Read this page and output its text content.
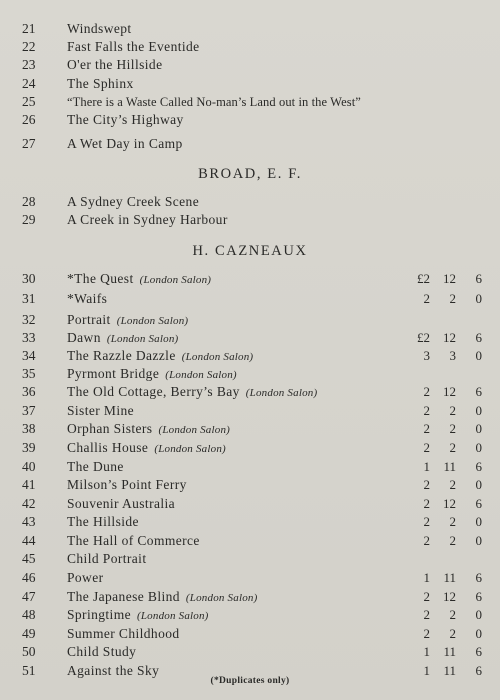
21	Windswept
22	Fast Falls the Eventide
23	O'er the Hillside
24	The Sphinx
25	“There is a Waste Called No-man’s Land out in the West”
26	The City’s Highway
27	A Wet Day in Camp
BROAD, E. F.
28	A Sydney Creek Scene
29	A Creek in Sydney Harbour
H. CAZNEAUX
30	*The Quest (London Salon)	£2	12	6
31	*Waifs	2	2	0
32	Portrait (London Salon)
33	Dawn (London Salon)	£2	12	6
34	The Razzle Dazzle (London Salon)	3	3	0
35	Pyrmont Bridge (London Salon)
36	The Old Cottage, Berry’s Bay (London Salon)	2	12	6
37	Sister Mine	2	2	0
38	Orphan Sisters (London Salon)	2	2	0
39	Challis House (London Salon)	2	2	0
40	The Dune	1	11	6
41	Milson’s Point Ferry	2	2	0
42	Souvenir Australia	2	12	6
43	The Hillside	2	2	0
44	The Hall of Commerce	2	2	0
45	Child Portrait
46	Power	1	11	6
47	The Japanese Blind (London Salon)	2	12	6
48	Springtime (London Salon)	2	2	0
49	Summer Childhood	2	2	0
50	Child Study	1	11	6
51	Against the Sky	1	11	6
(*Duplicates only)
